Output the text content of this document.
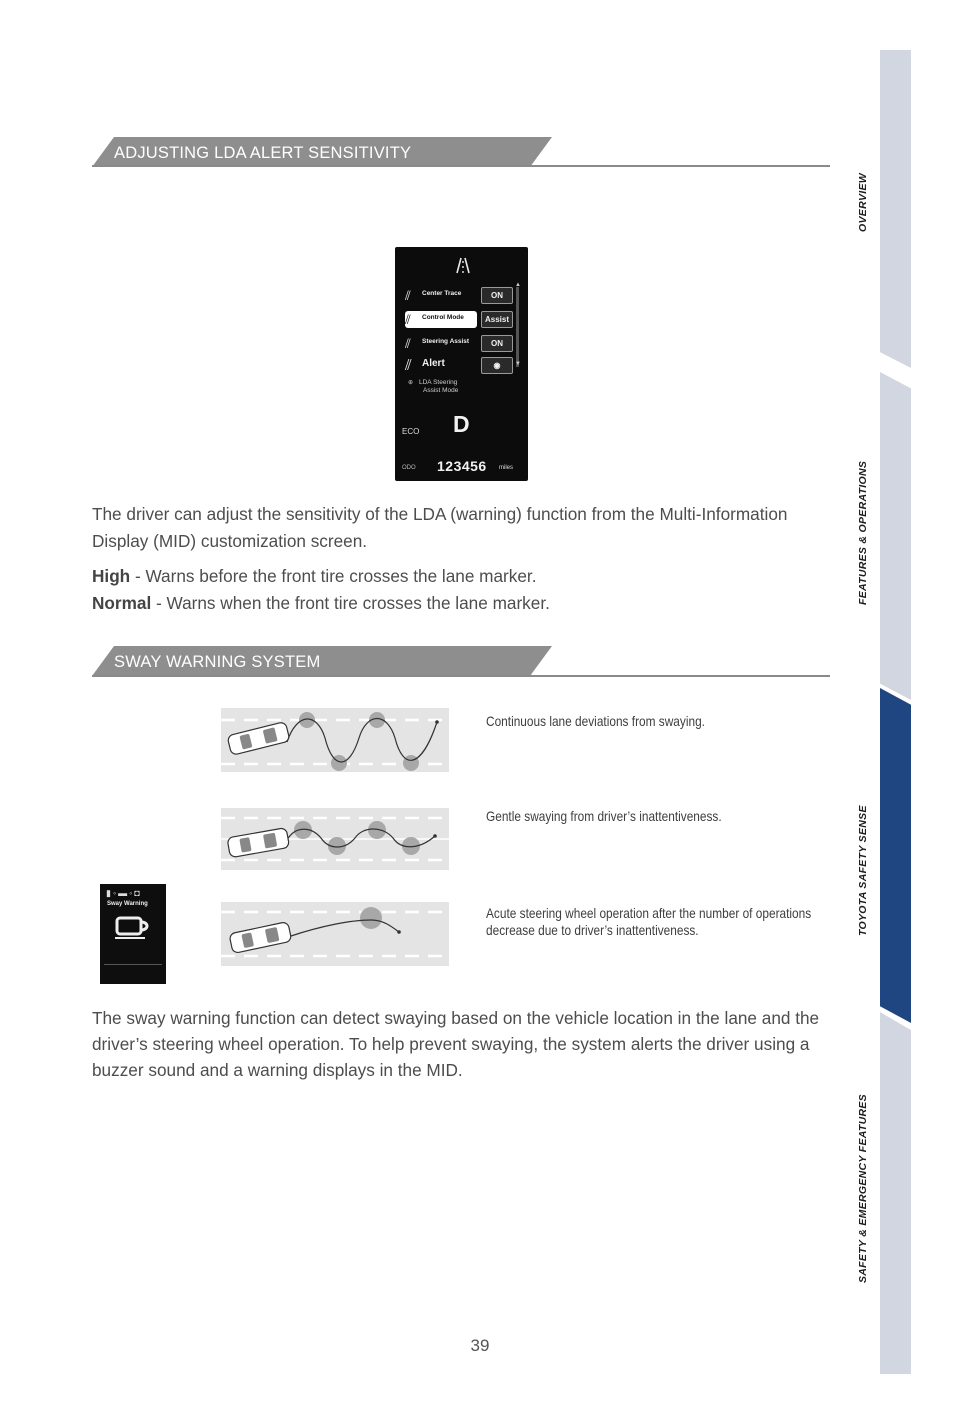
ADJUSTING LDA ALERT SENSITIVITY
▲
▼
⫽	Center Trace	ON
⫽	Control Mode	Assist
⫽	Steering Assist	ON
⫽	Alert	◉
⊕ LDA Steering
Assist Mode
ECO D
ODO 123456 miles
The driver can adjust the sensitivity of the LDA (warning) function from the Multi-Information Display (MID) customization screen.
High - Warns before the front tire crosses the lane marker.
Normal - Warns when the front tire crosses the lane marker.
SWAY WARNING SYSTEM
Continuous lane deviations from swaying.
Gentle swaying from driver’s inattentiveness.
▮◦▬◦◘
Sway Warning
Acute steering wheel operation after the number of operations decrease due to driver’s inattentiveness.
The sway warning function can detect swaying based on the vehicle location in the lane and the driver’s steering wheel operation. To help prevent swaying, the system alerts the driver using a buzzer sound and a warning displays in the MID.
OVERVIEW
FEATURES & OPERATIONS
TOYOTA SAFETY SENSE
SAFETY & EMERGENCY FEATURES
39
